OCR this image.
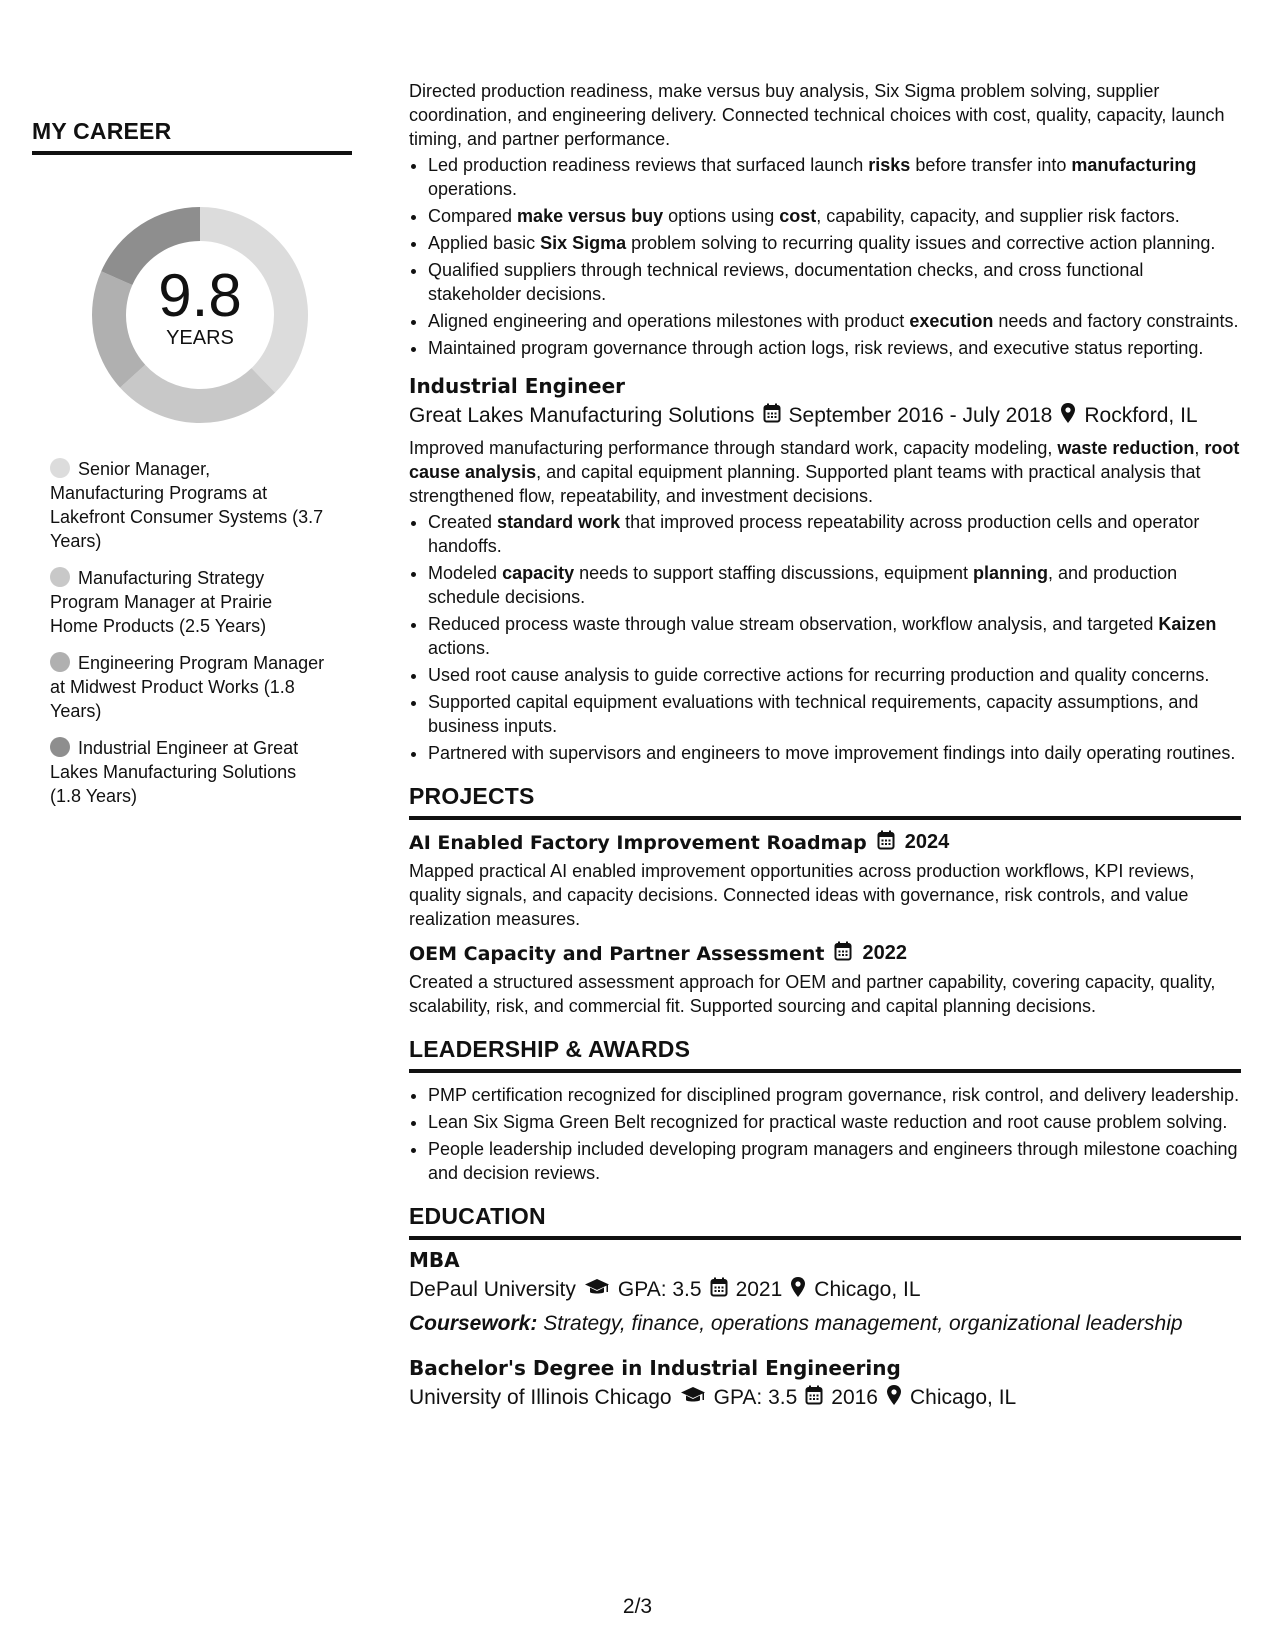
MY CAREER
9.8
YEARS
Senior Manager, Manufacturing Programs at Lakefront Consumer Systems (3.7 Years)
Manufacturing Strategy Program Manager at Prairie Home Products (2.5 Years)
Engineering Program Manager at Midwest Product Works (1.8 Years)
Industrial Engineer at Great Lakes Manufacturing Solutions (1.8 Years)

Directed production readiness, make versus buy analysis, Six Sigma problem solving, supplier coordination, and engineering delivery. Connected technical choices with cost, quality, capacity, launch timing, and partner performance.

• Led production readiness reviews that surfaced launch risks before transfer into manufacturing operations.
• Compared make versus buy options using cost, capability, capacity, and supplier risk factors.
• Applied basic Six Sigma problem solving to recurring quality issues and corrective action planning.
• Qualified suppliers through technical reviews, documentation checks, and cross functional stakeholder decisions.
• Aligned engineering and operations milestones with product execution needs and factory constraints.
• Maintained program governance through action logs, risk reviews, and executive status reporting.
Industrial Engineer
Great Lakes Manufacturing Solutions September 2016 - July 2018 Rockford, IL

Improved manufacturing performance through standard work, capacity modeling, waste reduction, root cause analysis, and capital equipment planning. Supported plant teams with practical analysis that strengthened flow, repeatability, and investment decisions.

• Created standard work that improved process repeatability across production cells and operator handoffs.
• Modeled capacity needs to support staffing discussions, equipment planning, and production schedule decisions.
• Reduced process waste through value stream observation, workflow analysis, and targeted Kaizen actions.
• Used root cause analysis to guide corrective actions for recurring production and quality concerns.
• Supported capital equipment evaluations with technical requirements, capacity assumptions, and business inputs.
• Partnered with supervisors and engineers to move improvement findings into daily operating routines.
PROJECTS
AI Enabled Factory Improvement Roadmap 2024

Mapped practical AI enabled improvement opportunities across production workflows, KPI reviews, quality signals, and capacity decisions. Connected ideas with governance, risk controls, and value realization measures.

OEM Capacity and Partner Assessment 2022

Created a structured assessment approach for OEM and partner capability, covering capacity, quality, scalability, risk, and commercial fit. Supported sourcing and capital planning decisions.

LEADERSHIP & AWARDS
• PMP certification recognized for disciplined program governance, risk control, and delivery leadership.
• Lean Six Sigma Green Belt recognized for practical waste reduction and root cause problem solving.
• People leadership included developing program managers and engineers through milestone coaching and decision reviews.
EDUCATION
MBA
DePaul University GPA: 3.5 2021 Chicago, IL
Coursework: Strategy, finance, operations management, organizational leadership
Bachelor's Degree in Industrial Engineering
University of Illinois Chicago GPA: 3.5 2016 Chicago, IL
2/3
